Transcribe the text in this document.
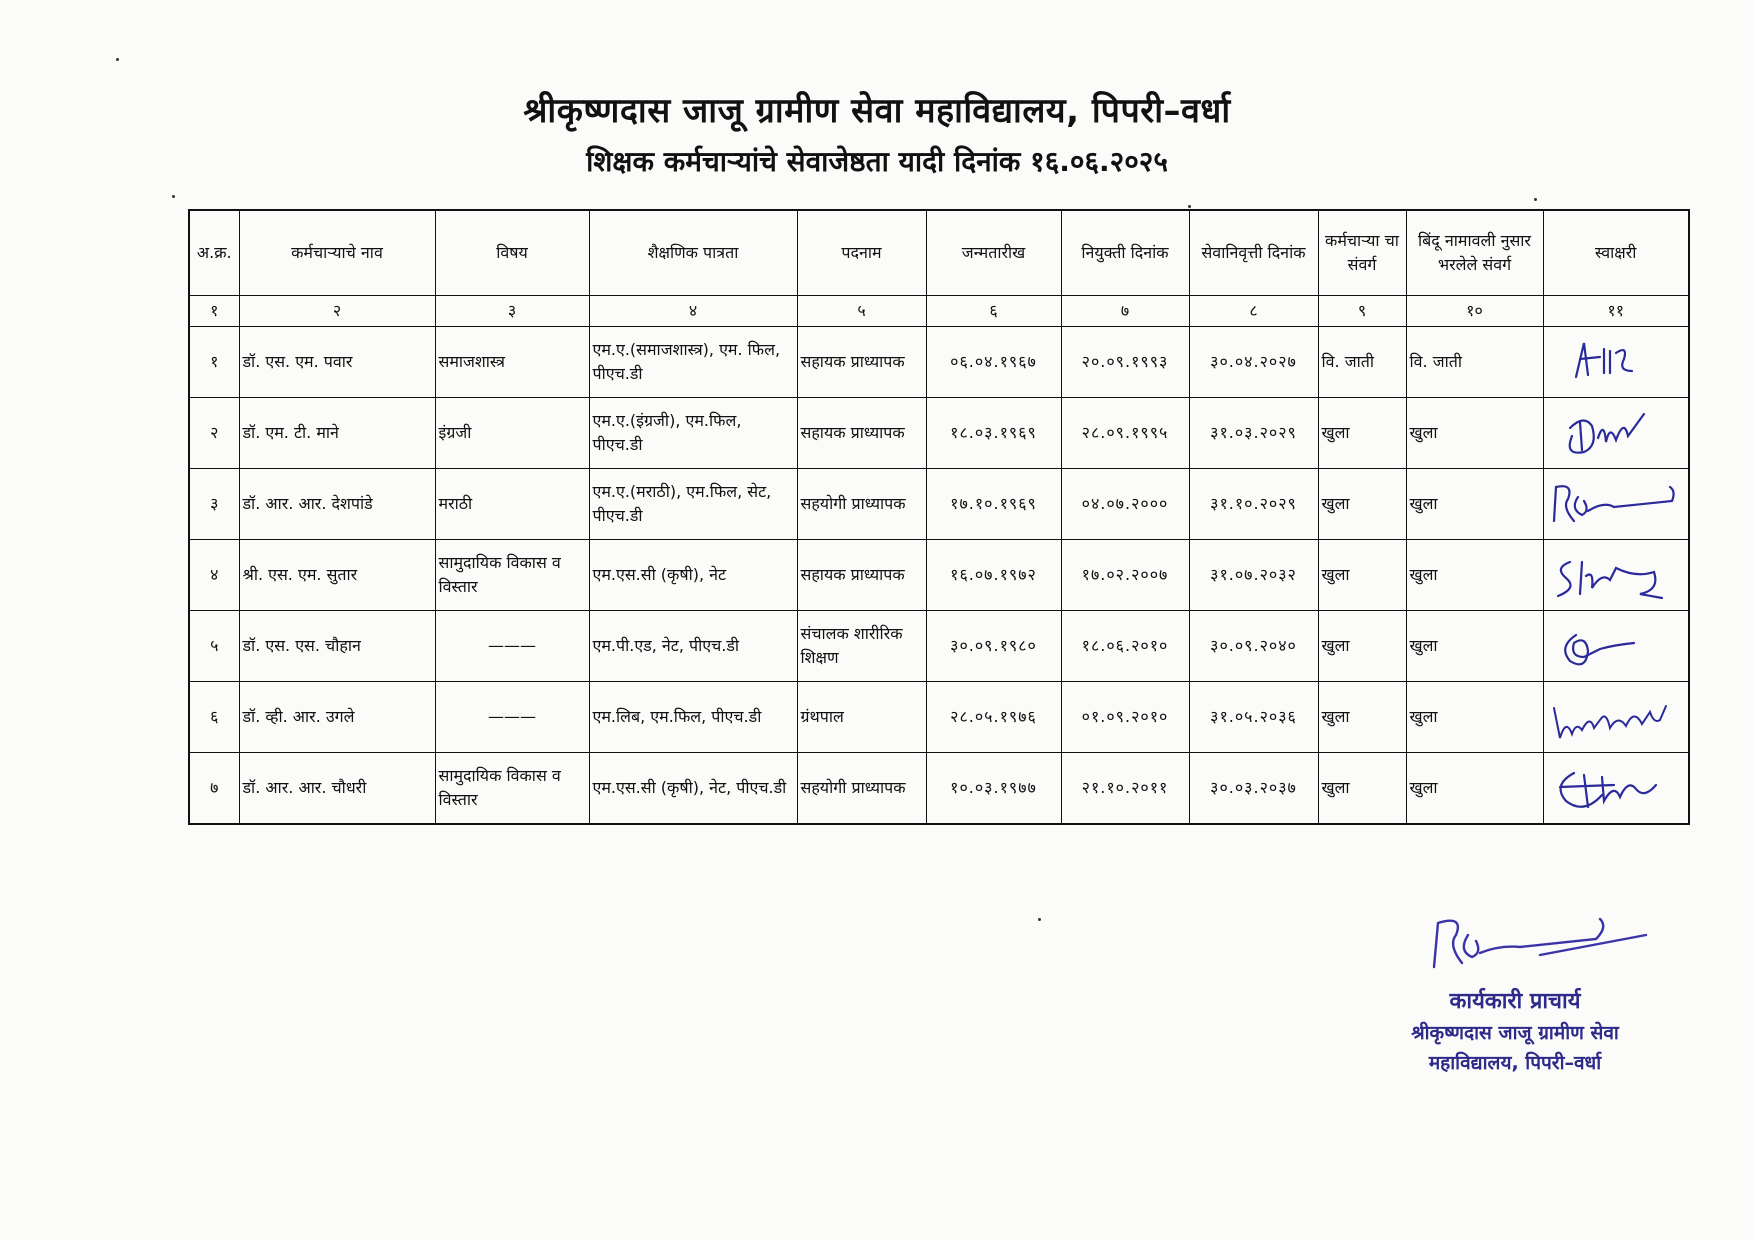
श्रीकृष्णदास जाजू ग्रामीण सेवा महाविद्यालय, पिपरी–वर्धा
शिक्षक कर्मचाऱ्यांचे सेवाजेष्ठता यादी दिनांक १६.०६.२०२५
अ.क्र.	कर्मचाऱ्याचे नाव	विषय	शैक्षणिक पात्रता	पदनाम	जन्मतारीख	नियुक्ती दिनांक	सेवानिवृत्ती दिनांक	कर्मचाऱ्या चा संवर्ग	बिंदू नामावली नुसार भरलेले संवर्ग	स्वाक्षरी
१	२	३	४	५	६	७	८	९	१०	११
१	डॉ. एस. एम. पवार	समाजशास्त्र	एम.ए.(समाजशास्त्र), एम. फिल, पीएच.डी	सहायक प्राध्यापक	०६.०४.१९६७	२०.०९.१९९३	३०.०४.२०२७	वि. जाती	वि. जाती	

२	डॉ. एम. टी. माने	इंग्रजी	एम.ए.(इंग्रजी), एम.फिल, पीएच.डी	सहायक प्राध्यापक	१८.०३.१९६९	२८.०९.१९९५	३१.०३.२०२९	खुला	खुला	

३	डॉ. आर. आर. देशपांडे	मराठी	एम.ए.(मराठी), एम.फिल, सेट, पीएच.डी	सहयोगी प्राध्यापक	१७.१०.१९६९	०४.०७.२०००	३१.१०.२०२९	खुला	खुला	

४	श्री. एस. एम. सुतार	सामुदायिक विकास व विस्तार	एम.एस.सी (कृषी), नेट	सहायक प्राध्यापक	१६.०७.१९७२	१७.०२.२००७	३१.०७.२०३२	खुला	खुला	

५	डॉ. एस. एस. चौहान	———	एम.पी.एड, नेट, पीएच.डी	संचालक शारीरिक शिक्षण	३०.०९.१९८०	१८.०६.२०१०	३०.०९.२०४०	खुला	खुला	

६	डॉ. व्ही. आर. उगले	———	एम.लिब, एम.फिल, पीएच.डी	ग्रंथपाल	२८.०५.१९७६	०१.०९.२०१०	३१.०५.२०३६	खुला	खुला	

७	डॉ. आर. आर. चौधरी	सामुदायिक विकास व विस्तार	एम.एस.सी (कृषी), नेट, पीएच.डी	सहयोगी प्राध्यापक	१०.०३.१९७७	२१.१०.२०११	३०.०३.२०३७	खुला	खुला	
कार्यकारी प्राचार्य
श्रीकृष्णदास जाजू ग्रामीण सेवा
महाविद्यालय, पिपरी–वर्धा
